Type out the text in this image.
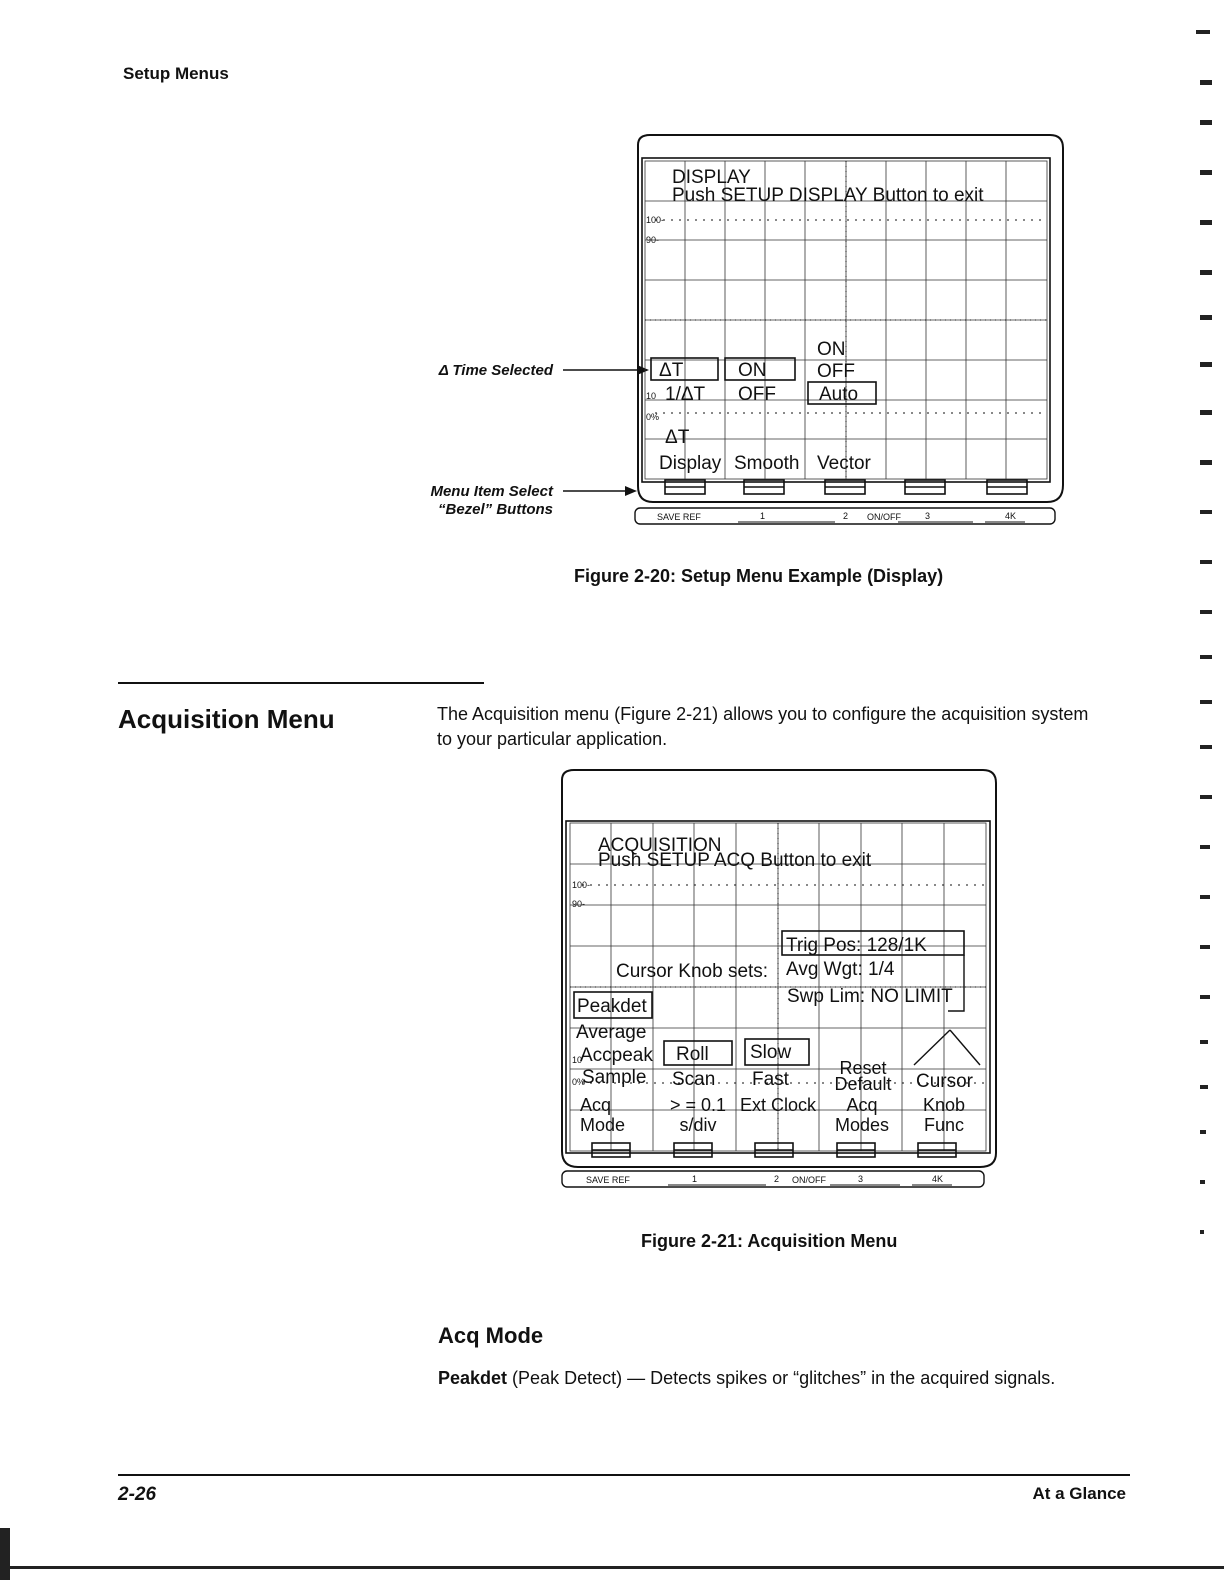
Setup Menus
Δ Time Selected
Menu Item Select
“Bezel” Buttons
100-
90-
10
0%
DISPLAY
Push SETUP DISPLAY Button to exit
ΔT
1/ΔT
ΔT
Display
ON
OFF
Smooth
ON
OFF
Auto
Vector
SAVE REF	1	2 ON/OFF	3	4K
Figure 2-20: Setup Menu Example (Display)
Acquisition Menu	The Acquisition menu (Figure 2-21) allows you to configure the acquisition system to your particular application.
100-
90-
10
0%
ACQUISITION
Push SETUP ACQ Button to exit
Trig Pos: 128/1K
Cursor Knob sets: Avg Wgt: 1/4
Swp Lim: NO LIMIT
Peakdet
Average
Accpeak
Sample
Roll
Scan
Slow
Fast
Reset Default	Cursor
Acq Mode
> = 0.1 s/div
Ext Clock	Acq Modes
Knob Func
SAVE REF	1	2 ON/OFF	3	4K
Figure 2-21: Acquisition Menu
Acq Mode
Peakdet (Peak Detect) — Detects spikes or “glitches” in the acquired signals.
2-26	At a Glance
